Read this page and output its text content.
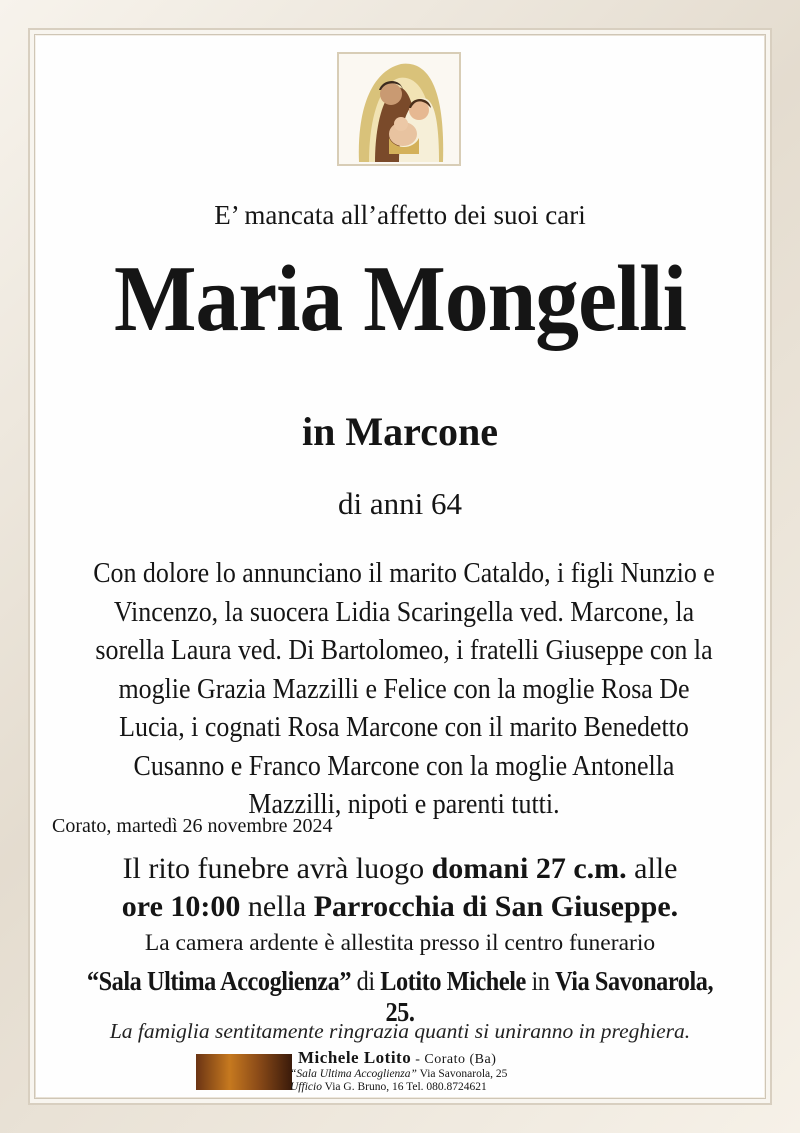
E’ mancata all’affetto dei suoi cari
Maria Mongelli
in Marcone
di anni 64
Con dolore lo annunciano il marito Cataldo, i figli Nunzio e Vincenzo, la suocera Lidia Scaringella ved. Marcone, la sorella Laura ved. Di Bartolomeo, i fratelli Giuseppe con la moglie Grazia Mazzilli e Felice con la moglie Rosa De Lucia, i cognati Rosa Marcone con il marito Benedetto Cusanno e Franco Marcone con la moglie Antonella Mazzilli, nipoti e parenti tutti.
Corato, martedì 26 novembre 2024
Il rito funebre avrà luogo domani 27 c.m. alle
ore 10:00 nella Parrocchia di San Giuseppe.
La camera ardente è allestita presso il centro funerario
“Sala Ultima Accoglienza” di Lotito Michele in Via Savonarola, 25.
La famiglia sentitamente ringrazia quanti si uniranno in preghiera.
Michele Lotito - Corato (Ba)
“Sala Ultima Accoglienza” Via Savonarola, 25
Ufficio Via G. Bruno, 16 Tel. 080.8724621
